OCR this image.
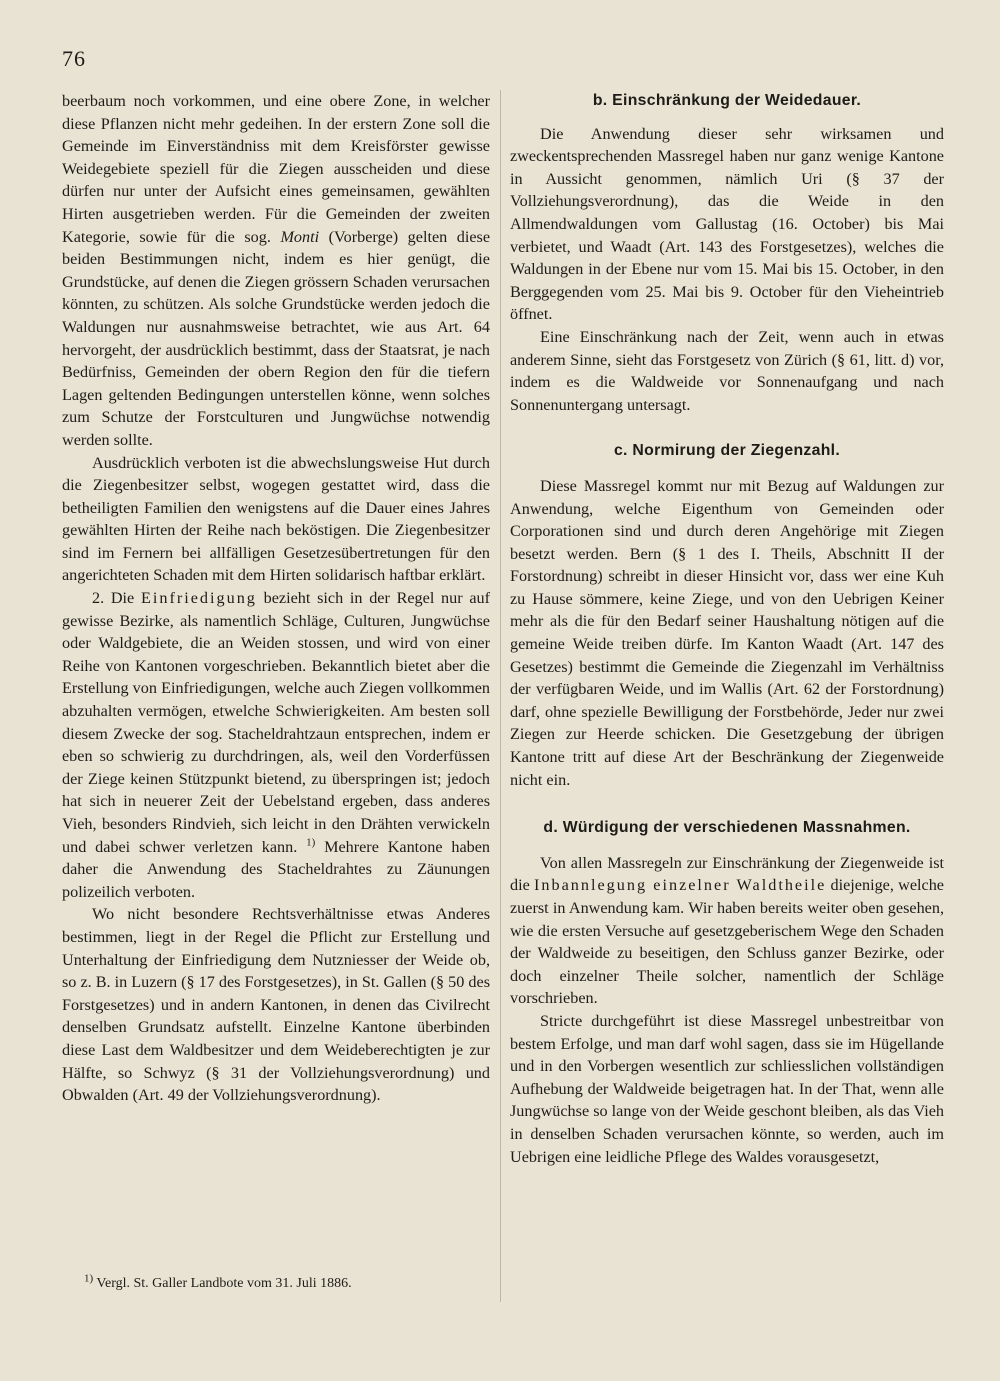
76

beerbaum noch vorkommen, und eine obere Zone, in welcher diese Pflanzen nicht mehr gedeihen. In der erstern Zone soll die Gemeinde im Einverständniss mit dem Kreisförster gewisse Weidegebiete speziell für die Ziegen ausscheiden und diese dürfen nur unter der Aufsicht eines gemeinsamen, gewählten Hirten ausgetrieben werden. Für die Gemeinden der zweiten Kategorie, sowie für die sog. Monti (Vorberge) gelten diese beiden Bestimmungen nicht, indem es hier genügt, die Grundstücke, auf denen die Ziegen grössern Schaden verursachen könnten, zu schützen. Als solche Grundstücke werden jedoch die Waldungen nur ausnahmsweise betrachtet, wie aus Art. 64 hervorgeht, der ausdrücklich bestimmt, dass der Staatsrat, je nach Bedürfniss, Gemeinden der obern Region den für die tiefern Lagen geltenden Bedingungen unterstellen könne, wenn solches zum Schutze der Forstculturen und Jungwüchse notwendig werden sollte.

Ausdrücklich verboten ist die abwechslungsweise Hut durch die Ziegenbesitzer selbst, wogegen gestattet wird, dass die betheiligten Familien den wenigstens auf die Dauer eines Jahres gewählten Hirten der Reihe nach beköstigen. Die Ziegenbesitzer sind im Fernern bei allfälligen Gesetzesübertretungen für den angerichteten Schaden mit dem Hirten solidarisch haftbar erklärt.

2. Die Einfriedigung bezieht sich in der Regel nur auf gewisse Bezirke, als namentlich Schläge, Culturen, Jungwüchse oder Waldgebiete, die an Weiden stossen, und wird von einer Reihe von Kantonen vorgeschrieben. Bekanntlich bietet aber die Erstellung von Einfriedigungen, welche auch Ziegen vollkommen abzuhalten vermögen, etwelche Schwierigkeiten. Am besten soll diesem Zwecke der sog. Stacheldrahtzaun entsprechen, indem er eben so schwierig zu durchdringen, als, weil den Vorderfüssen der Ziege keinen Stützpunkt bietend, zu überspringen ist; jedoch hat sich in neuerer Zeit der Uebelstand ergeben, dass anderes Vieh, besonders Rindvieh, sich leicht in den Drähten verwickeln und dabei schwer verletzen kann. $^{1)}$ Mehrere Kantone haben daher die Anwendung des Stacheldrahtes zu Zäunungen polizeilich verboten.

Wo nicht besondere Rechtsverhältnisse etwas Anderes bestimmen, liegt in der Regel die Pflicht zur Erstellung und Unterhaltung der Einfriedigung dem Nutzniesser der Weide ob, so z. B. in Luzern (§ 17 des Forstgesetzes), in St. Gallen (§ 50 des Forstgesetzes) und in andern Kantonen, in denen das Civilrecht denselben Grundsatz aufstellt. Einzelne Kantone überbinden diese Last dem Waldbesitzer und dem Weideberechtigten je zur Hälfte, so Schwyz (§ 31 der Vollziehungsverordnung) und Obwalden (Art. 49 der Vollziehungsverordnung).

$^{1)}$ Vergl. St. Galler Landbote vom 31. Juli 1886.

b. Einschränkung der Weidedauer.

Die Anwendung dieser sehr wirksamen und zweckentsprechenden Massregel haben nur ganz wenige Kantone in Aussicht genommen, nämlich Uri (§ 37 der Vollziehungsverordnung), das die Weide in den Allmendwaldungen vom Gallustag (16. October) bis Mai verbietet, und Waadt (Art. 143 des Forstgesetzes), welches die Waldungen in der Ebene nur vom 15. Mai bis 15. October, in den Berggegenden vom 25. Mai bis 9. October für den Vieheintrieb öffnet.

Eine Einschränkung nach der Zeit, wenn auch in etwas anderem Sinne, sieht das Forstgesetz von Zürich (§ 61, litt. d) vor, indem es die Waldweide vor Sonnenaufgang und nach Sonnenuntergang untersagt.

c. Normirung der Ziegenzahl.

Diese Massregel kommt nur mit Bezug auf Waldungen zur Anwendung, welche Eigenthum von Gemeinden oder Corporationen sind und durch deren Angehörige mit Ziegen besetzt werden. Bern (§ 1 des I. Theils, Abschnitt II der Forstordnung) schreibt in dieser Hinsicht vor, dass wer eine Kuh zu Hause sömmere, keine Ziege, und von den Uebrigen Keiner mehr als die für den Bedarf seiner Haushaltung nötigen auf die gemeine Weide treiben dürfe. Im Kanton Waadt (Art. 147 des Gesetzes) bestimmt die Gemeinde die Ziegenzahl im Verhältniss der verfügbaren Weide, und im Wallis (Art. 62 der Forstordnung) darf, ohne spezielle Bewilligung der Forstbehörde, Jeder nur zwei Ziegen zur Heerde schicken. Die Gesetzgebung der übrigen Kantone tritt auf diese Art der Beschränkung der Ziegenweide nicht ein.

d. Würdigung der verschiedenen Massnahmen.

Von allen Massregeln zur Einschränkung der Ziegenweide ist die Inbannlegung einzelner Waldtheile diejenige, welche zuerst in Anwendung kam. Wir haben bereits weiter oben gesehen, wie die ersten Versuche auf gesetzgeberischem Wege den Schaden der Waldweide zu beseitigen, den Schluss ganzer Bezirke, oder doch einzelner Theile solcher, namentlich der Schläge vorschrieben.

Stricte durchgeführt ist diese Massregel unbestreitbar von bestem Erfolge, und man darf wohl sagen, dass sie im Hügellande und in den Vorbergen wesentlich zur schliesslichen vollständigen Aufhebung der Waldweide beigetragen hat. In der That, wenn alle Jungwüchse so lange von der Weide geschont bleiben, als das Vieh in denselben Schaden verursachen könnte, so werden, auch im Uebrigen eine leidliche Pflege des Waldes vorausgesetzt,
